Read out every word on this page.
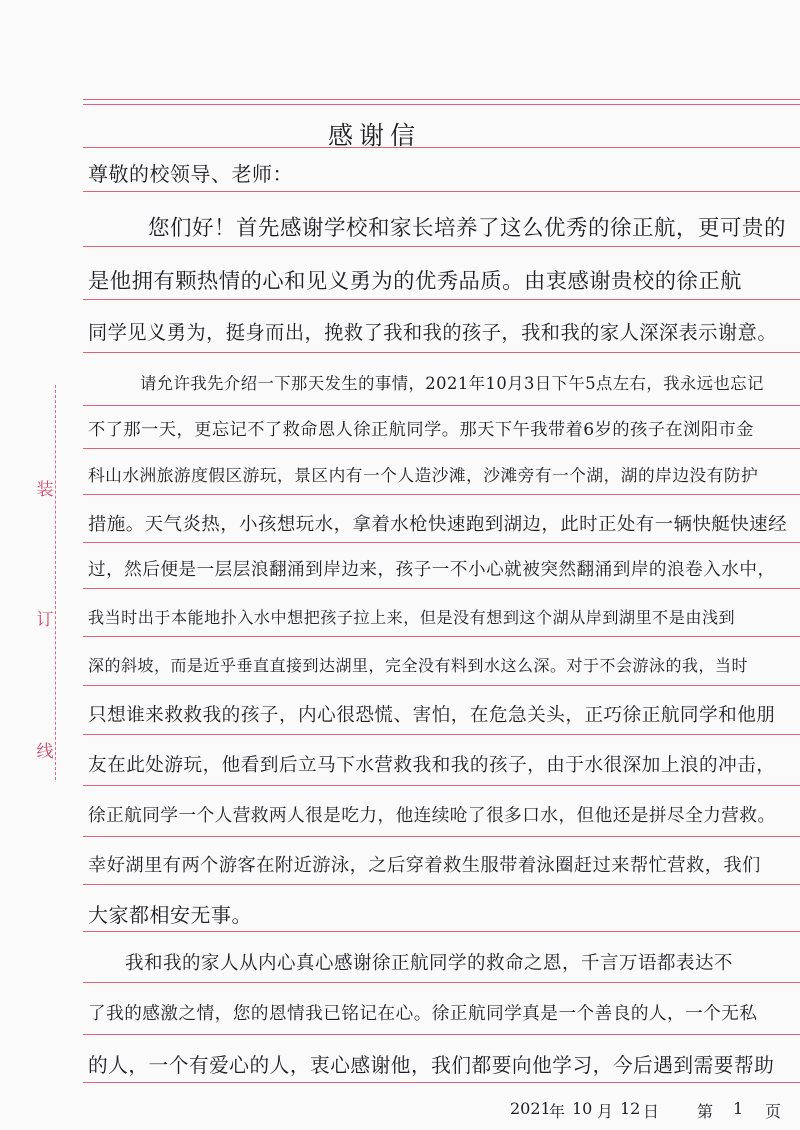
装
订
线
感谢信
尊敬的校领导、老师：
您们好！首先感谢学校和家长培养了这么优秀的徐正航，更可贵的
是他拥有颗热情的心和见义勇为的优秀品质。由衷感谢贵校的徐正航
同学见义勇为，挺身而出，挽救了我和我的孩子，我和我的家人深深表示谢意。
请允许我先介绍一下那天发生的事情，2021年10月3日下午5点左右，我永远也忘记
不了那一天，更忘记不了救命恩人徐正航同学。那天下午我带着6岁的孩子在浏阳市金
科山水洲旅游度假区游玩，景区内有一个人造沙滩，沙滩旁有一个湖，湖的岸边没有防护
措施。天气炎热，小孩想玩水，拿着水枪快速跑到湖边，此时正处有一辆快艇快速经
过，然后便是一层层浪翻涌到岸边来，孩子一不小心就被突然翻涌到岸的浪卷入水中，
我当时出于本能地扑入水中想把孩子拉上来，但是没有想到这个湖从岸到湖里不是由浅到
深的斜坡，而是近乎垂直直接到达湖里，完全没有料到水这么深。对于不会游泳的我，当时
只想谁来救救我的孩子，内心很恐慌、害怕，在危急关头，正巧徐正航同学和他朋
友在此处游玩，他看到后立马下水营救我和我的孩子，由于水很深加上浪的冲击，
徐正航同学一个人营救两人很是吃力，他连续呛了很多口水，但他还是拼尽全力营救。
幸好湖里有两个游客在附近游泳，之后穿着救生服带着泳圈赶过来帮忙营救，我们
大家都相安无事。
我和我的家人从内心真心感谢徐正航同学的救命之恩，千言万语都表达不
了我的感激之情，您的恩情我已铭记在心。徐正航同学真是一个善良的人，一个无私
的人，一个有爱心的人，衷心感谢他，我们都要向他学习，今后遇到需要帮助
2021
年 10 月 12 日 第 1 页
